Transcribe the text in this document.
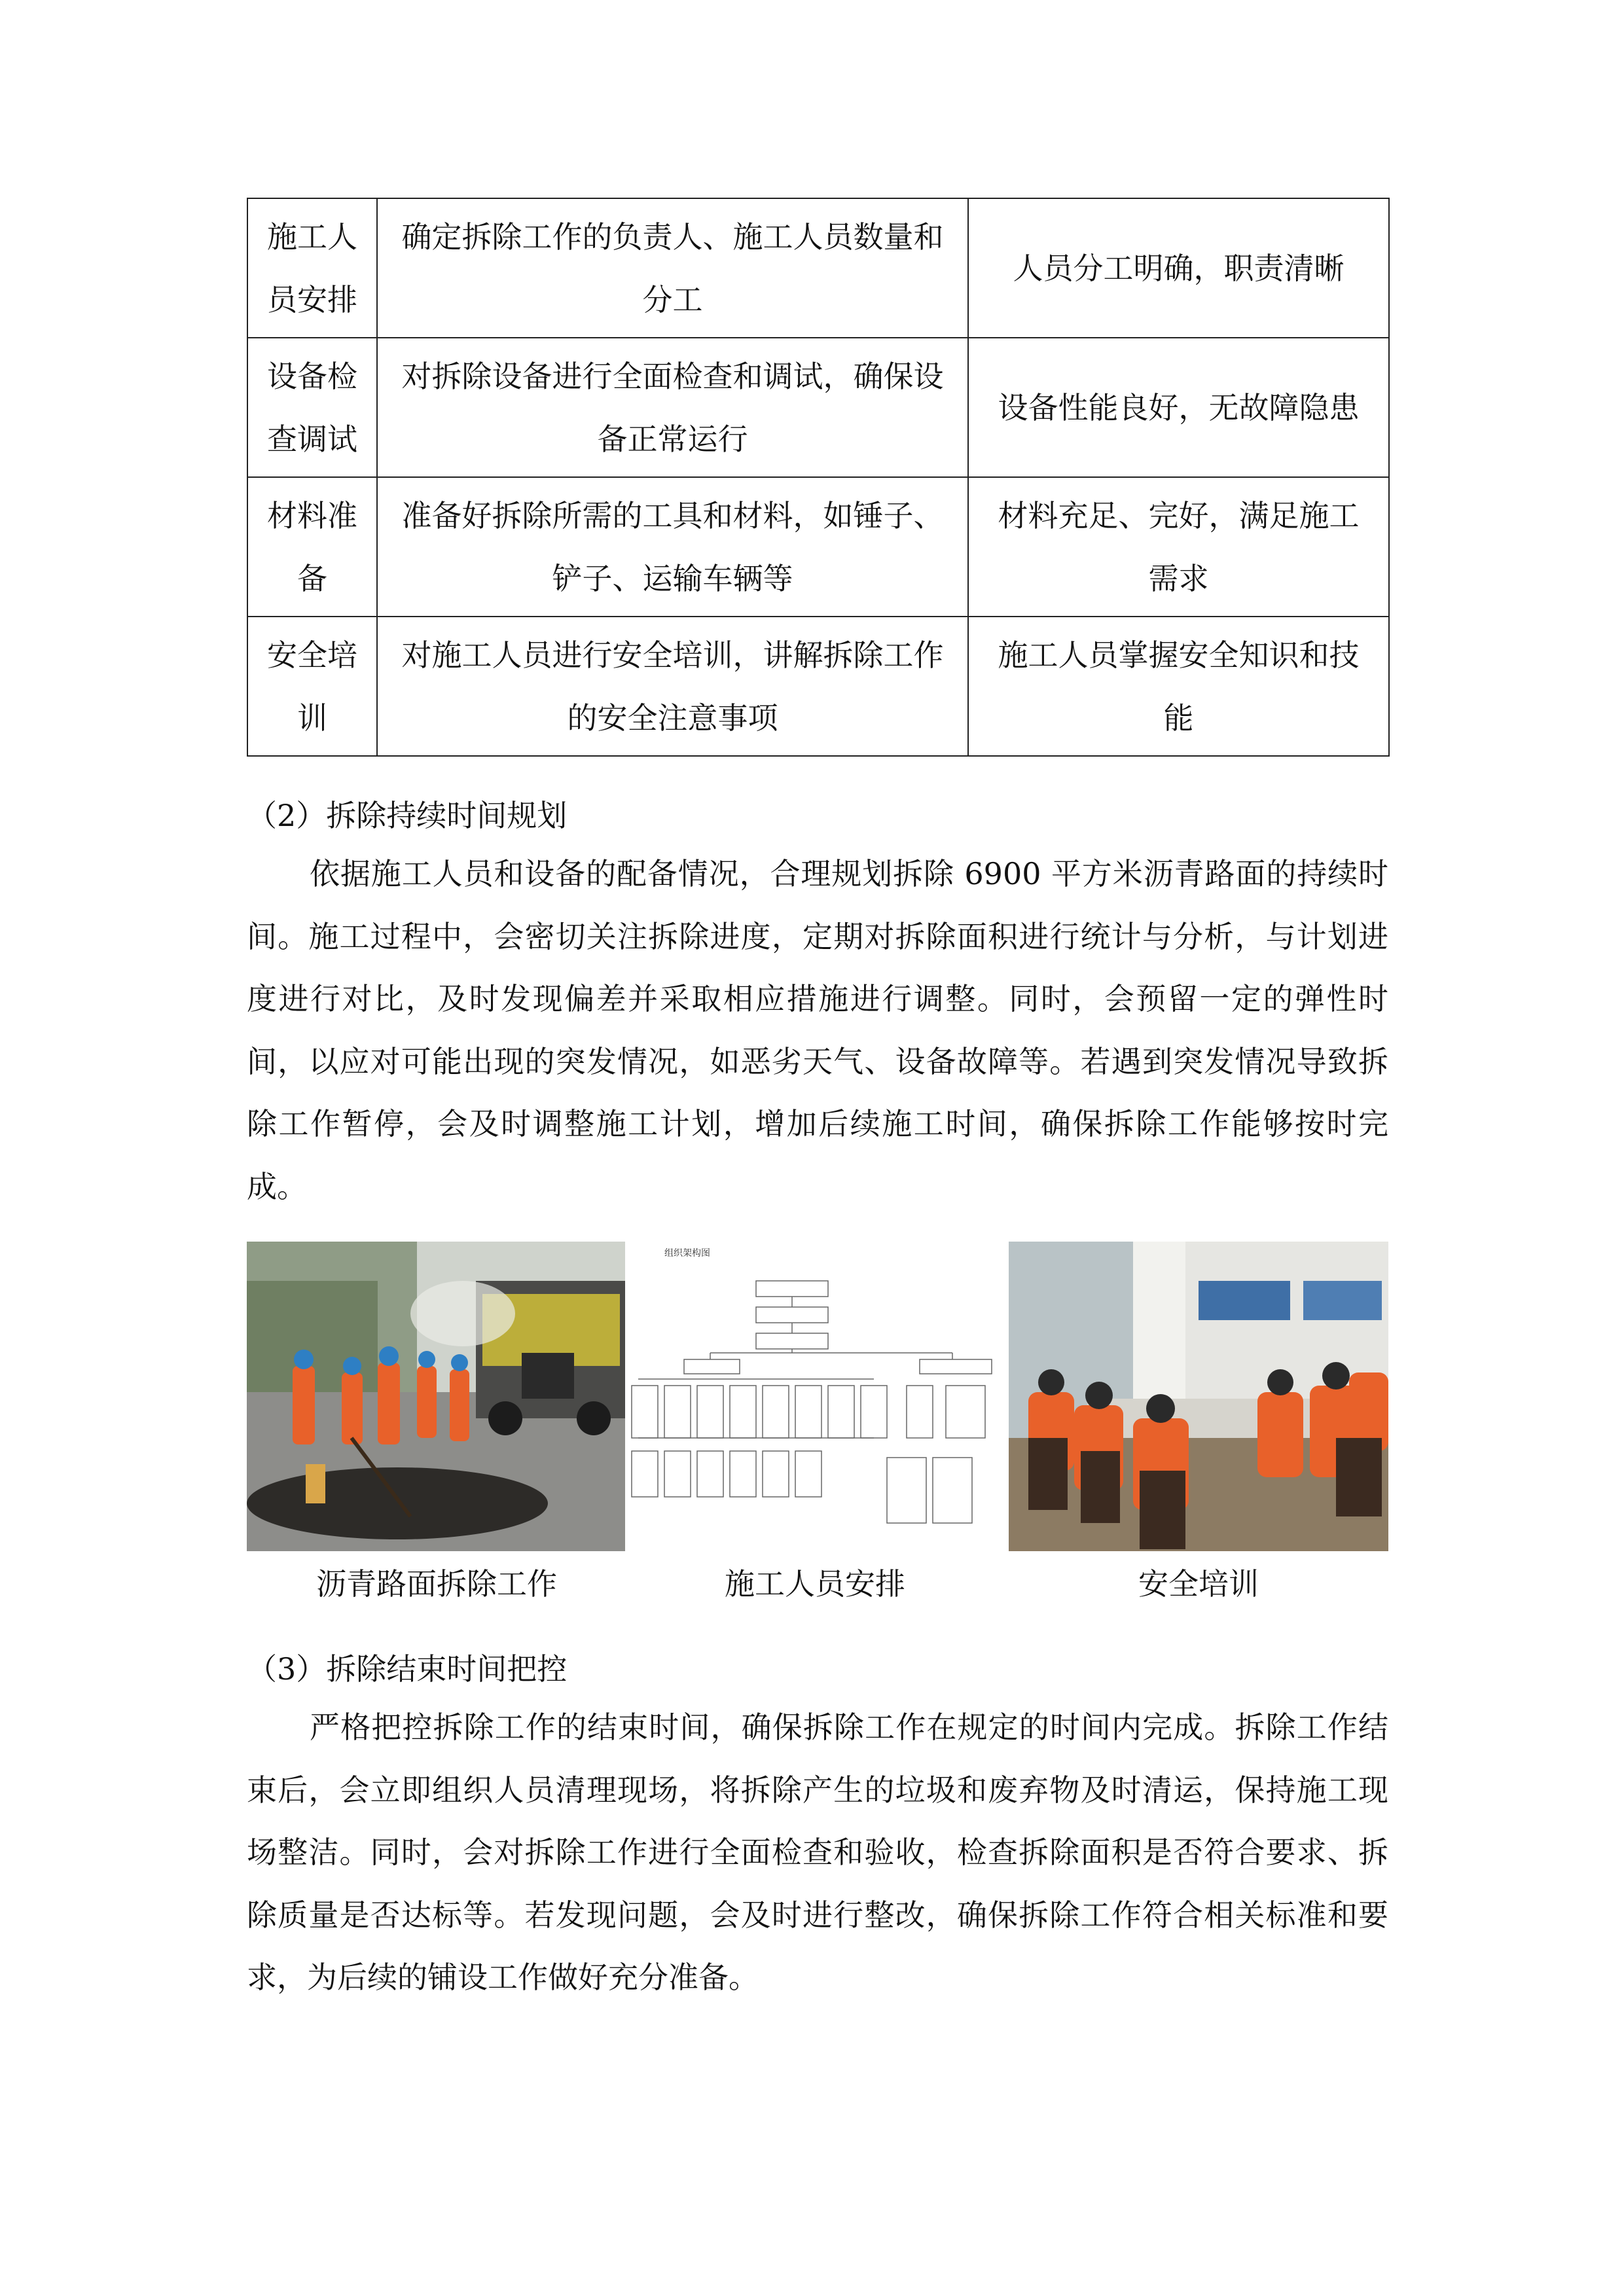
施工人员安排	确定拆除工作的负责人、施工人员数量和分工	人员分工明确，职责清晰
设备检查调试	对拆除设备进行全面检查和调试，确保设备正常运行	设备性能良好，无故障隐患
材料准备	准备好拆除所需的工具和材料，如锤子、铲子、运输车辆等	材料充足、完好，满足施工需求
安全培训	对施工人员进行安全培训，讲解拆除工作的安全注意事项	施工人员掌握安全知识和技能
（2）拆除持续时间规划
依据施工人员和设备的配备情况，合理规划拆除 6900 平方米沥青路面的持续时间。施工过程中，会密切关注拆除进度，定期对拆除面积进行统计与分析，与计划进度进行对比，及时发现偏差并采取相应措施进行调整。同时，会预留一定的弹性时间，以应对可能出现的突发情况，如恶劣天气、设备故障等。若遇到突发情况导致拆除工作暂停，会及时调整施工计划，增加后续施工时间，确保拆除工作能够按时完成。
组织架构图
沥青路面拆除工作	施工人员安排	安全培训
（3）拆除结束时间把控
严格把控拆除工作的结束时间，确保拆除工作在规定的时间内完成。拆除工作结束后，会立即组织人员清理现场，将拆除产生的垃圾和废弃物及时清运，保持施工现场整洁。同时，会对拆除工作进行全面检查和验收，检查拆除面积是否符合要求、拆除质量是否达标等。若发现问题，会及时进行整改，确保拆除工作符合相关标准和要求，为后续的铺设工作做好充分准备。
